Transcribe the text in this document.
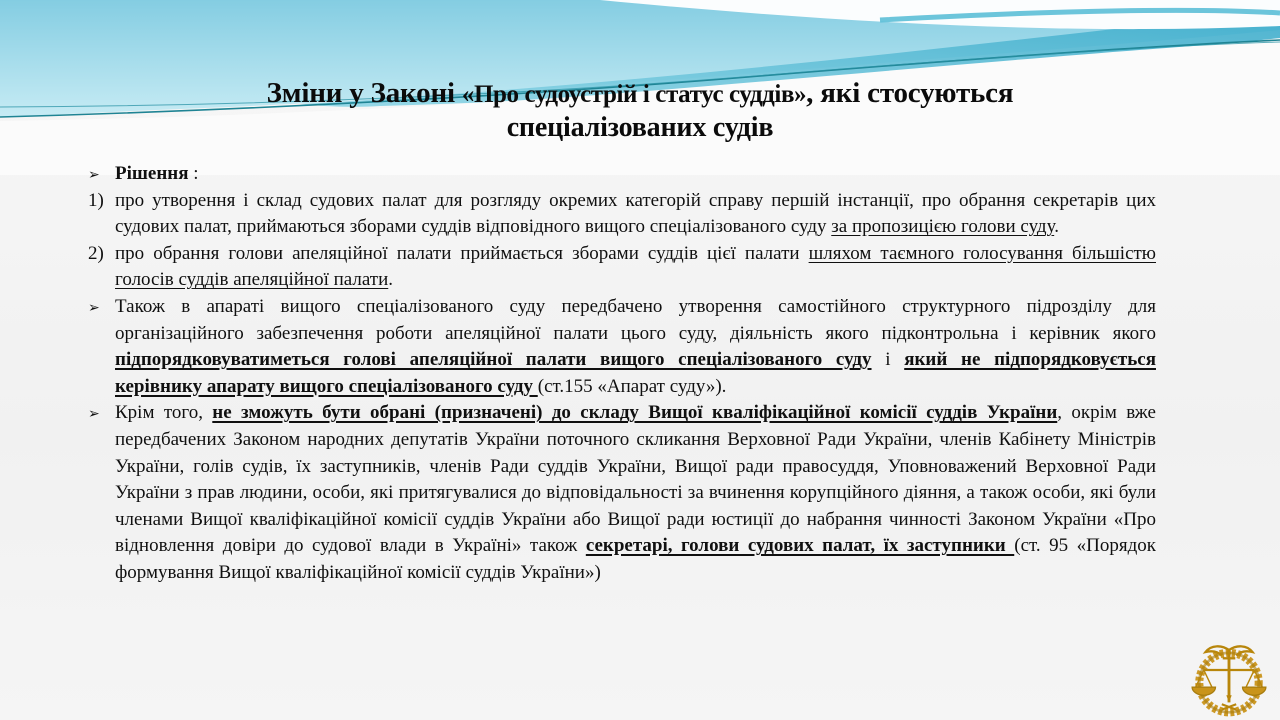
Зміни у Законі «Про судоустрій і статус суддів», які стосуються
спеціалізованих судів

➢ Рішення :

1) про утворення і склад судових палат для розгляду окремих категорій справу першій інстанції, про обрання секретарів цих судових палат, приймаються зборами суддів відповідного вищого спеціалізованого суду за пропозицією голови суду.

2) про обрання голови апеляційної палати приймається зборами суддів цієї палати шляхом таємного голосування більшістю голосів суддів апеляційної палати.

➢ Також в апараті вищого спеціалізованого суду передбачено утворення самостійного структурного підрозділу для організаційного забезпечення роботи апеляційної палати цього суду, діяльність якого підконтрольна і керівник якого підпорядковуватиметься голові апеляційної палати вищого спеціалізованого суду і який не підпорядковується керівнику апарату вищого спеціалізованого суду (ст.155 «Апарат суду»).

➢ Крім того, не зможуть бути обрані (призначені) до складу Вищої кваліфікаційної комісії суддів України, окрім вже передбачених Законом народних депутатів України поточного скликання Верховної Ради України, членів Кабінету Міністрів України, голів судів, їх заступників, членів Ради суддів України, Вищої ради правосуддя, Уповноважений Верховної Ради України з прав людини, особи, які притягувалися до відповідальності за вчинення корупційного діяння, а також особи, які були членами Вищої кваліфікаційної комісії суддів України або Вищої ради юстиції до набрання чинності Законом України «Про відновлення довіри до судової влади в Україні» також секретарі, голови судових палат, їх заступники (ст. 95 «Порядок формування Вищої кваліфікаційної комісії суддів України»)
